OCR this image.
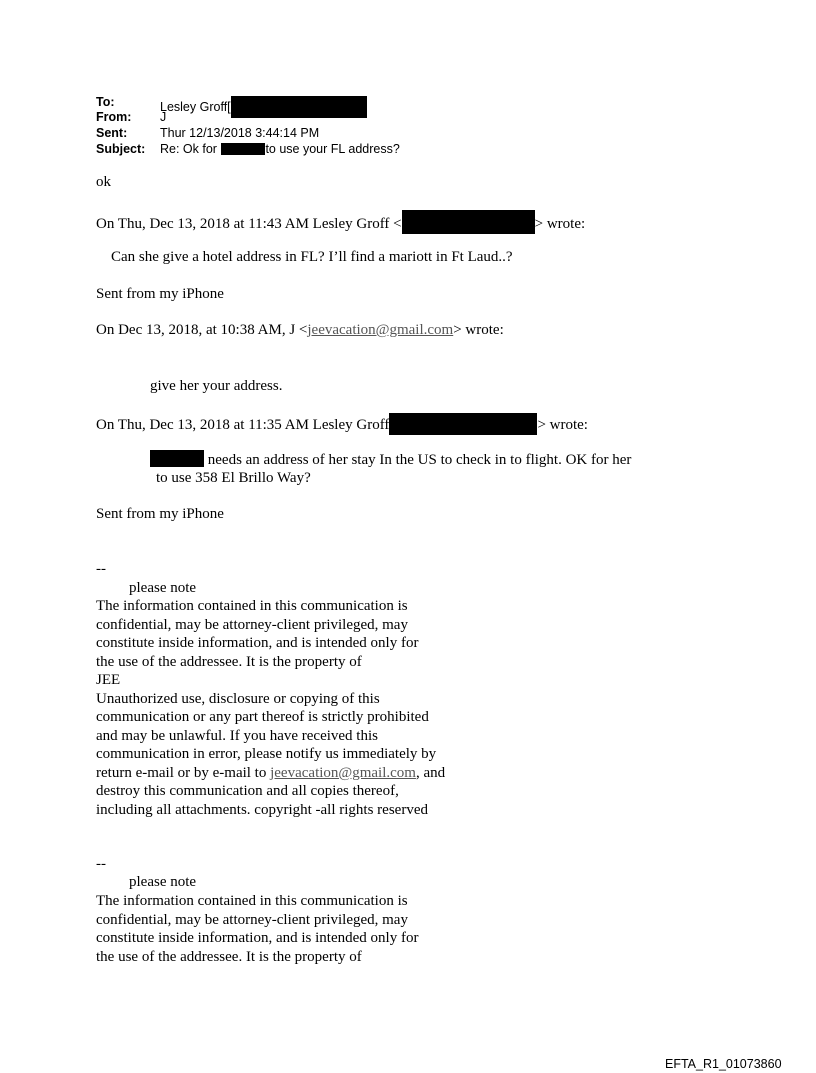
To:	Lesley Groff[
From: J
Sent:	Thur 12/13/2018 3:44:14 PM
Subject: Re: Ok for	to use your FL address?
ok
On Thu, Dec 13, 2018 at 11:43 AM Lesley Groff <	> wrote:
Can she give a hotel address in FL? I’ll find a mariott in Ft Laud..?
Sent from my iPhone
On Dec 13, 2018, at 10:38 AM, J <jeevacation@gmail.com> wrote:
give her your address.
On Thu, Dec 13, 2018 at 11:35 AM Lesley Groff	> wrote:
needs an address of her stay In the US to check in to flight. OK for her
to use 358 El Brillo Way?
Sent from my iPhone
--
please note
The information contained in this communication is
confidential, may be attorney-client privileged, may
constitute inside information, and is intended only for
the use of the addressee. It is the property of
JEE
Unauthorized use, disclosure or copying of this
communication or any part thereof is strictly prohibited
and may be unlawful. If you have received this
communication in error, please notify us immediately by
return e-mail or by e-mail to jeevacation@gmail.com, and
destroy this communication and all copies thereof,
including all attachments. copyright -all rights reserved
--
please note
The information contained in this communication is
confidential, may be attorney-client privileged, may
constitute inside information, and is intended only for
the use of the addressee. It is the property of
EFTA_R1_01073860
